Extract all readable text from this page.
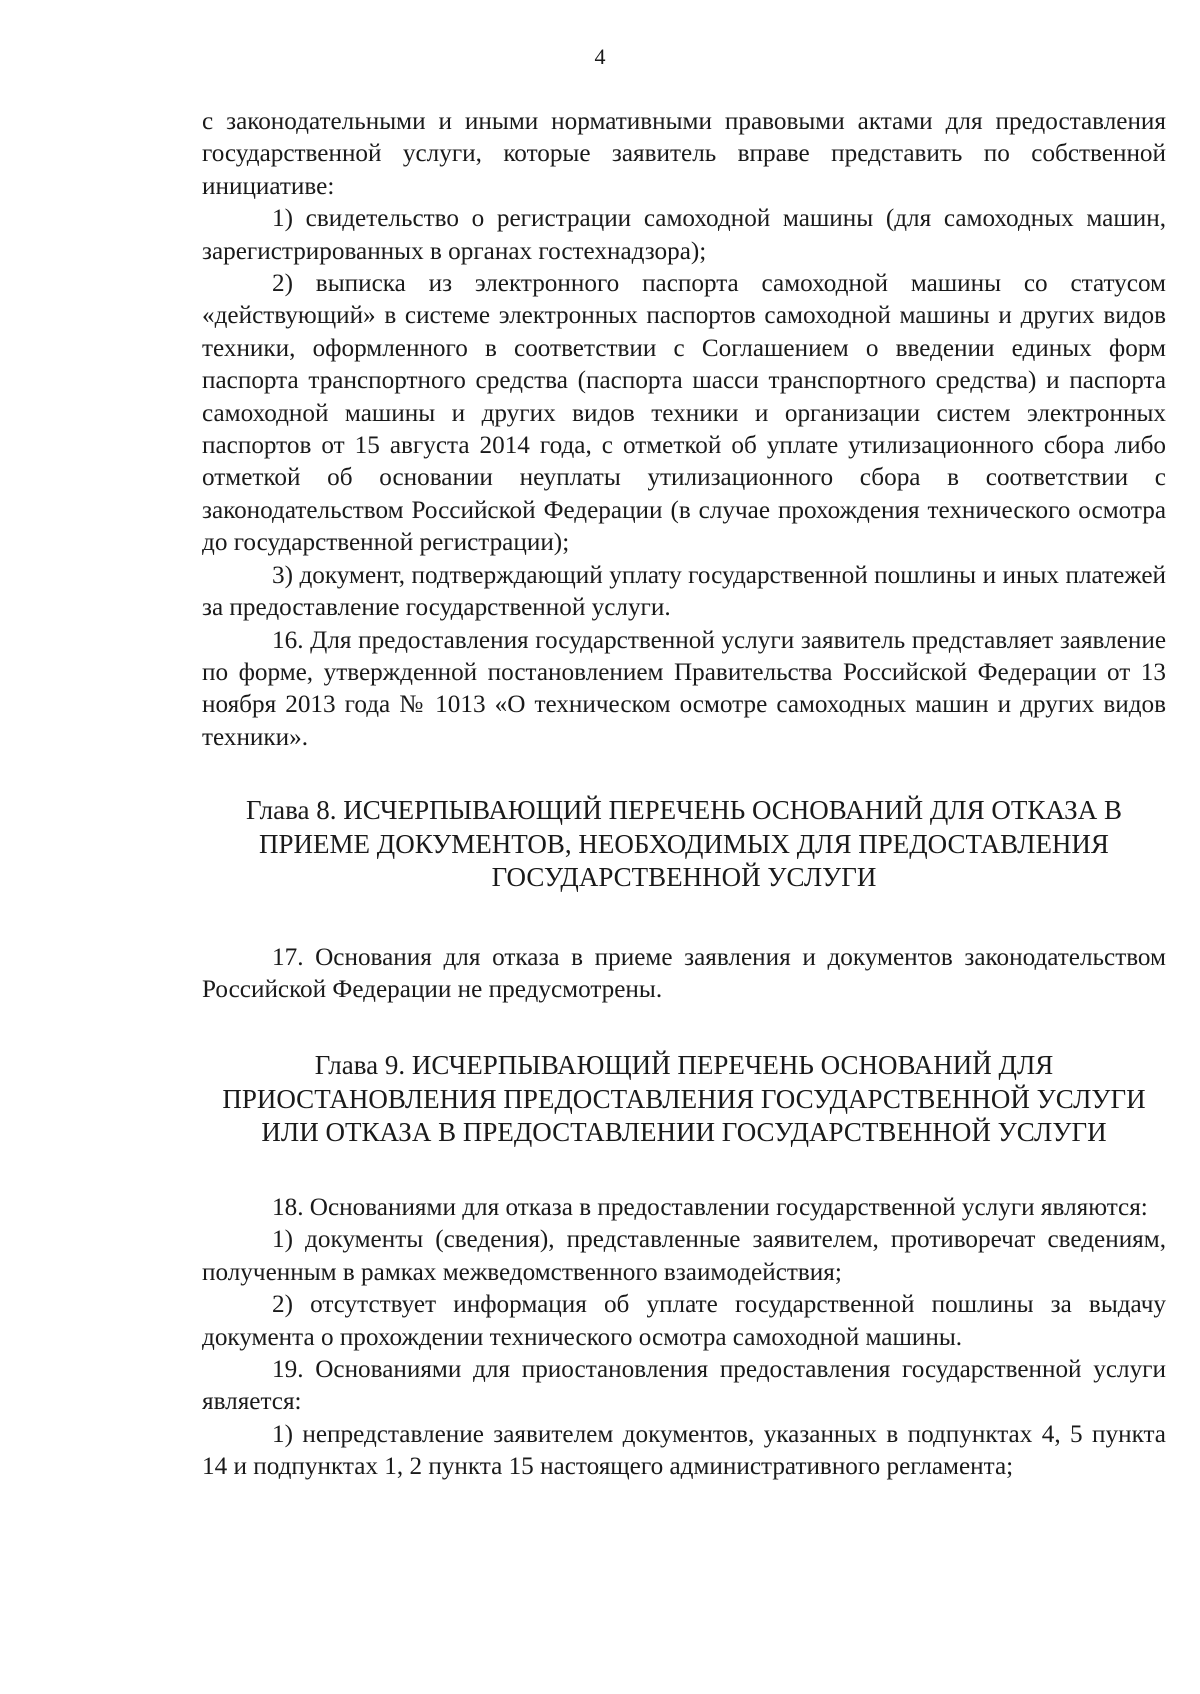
4

с законодательными и иными нормативными правовыми актами для предоставления государственной услуги, которые заявитель вправе представить по собственной инициативе:

1) свидетельство о регистрации самоходной машины (для самоходных машин, зарегистрированных в органах гостехнадзора);

2) выписка из электронного паспорта самоходной машины со статусом «действующий» в системе электронных паспортов самоходной машины и других видов техники, оформленного в соответствии с Соглашением о введении единых форм паспорта транспортного средства (паспорта шасси транспортного средства) и паспорта самоходной машины и других видов техники и организации систем электронных паспортов от 15 августа 2014 года, с отметкой об уплате утилизационного сбора либо отметкой об основании неуплаты утилизационного сбора в соответствии с законодательством Российской Федерации (в случае прохождения технического осмотра до государственной регистрации);

3) документ, подтверждающий уплату государственной пошлины и иных платежей за предоставление государственной услуги.

16. Для предоставления государственной услуги заявитель представляет заявление по форме, утвержденной постановлением Правительства Российской Федерации от 13 ноября 2013 года № 1013 «О техническом осмотре самоходных машин и других видов техники».

Глава 8. ИСЧЕРПЫВАЮЩИЙ ПЕРЕЧЕНЬ ОСНОВАНИЙ ДЛЯ ОТКАЗА В ПРИЕМЕ ДОКУМЕНТОВ, НЕОБХОДИМЫХ ДЛЯ ПРЕДОСТАВЛЕНИЯ ГОСУДАРСТВЕННОЙ УСЛУГИ

17. Основания для отказа в приеме заявления и документов законодательством Российской Федерации не предусмотрены.

Глава 9. ИСЧЕРПЫВАЮЩИЙ ПЕРЕЧЕНЬ ОСНОВАНИЙ ДЛЯ ПРИОСТАНОВЛЕНИЯ ПРЕДОСТАВЛЕНИЯ ГОСУДАРСТВЕННОЙ УСЛУГИ ИЛИ ОТКАЗА В ПРЕДОСТАВЛЕНИИ ГОСУДАРСТВЕННОЙ УСЛУГИ

18. Основаниями для отказа в предоставлении государственной услуги являются:

1) документы (сведения), представленные заявителем, противоречат сведениям, полученным в рамках межведомственного взаимодействия;

2) отсутствует информация об уплате государственной пошлины за выдачу документа о прохождении технического осмотра самоходной машины.

19. Основаниями для приостановления предоставления государственной услуги является:

1) непредставление заявителем документов, указанных в подпунктах 4, 5 пункта 14 и подпунктах 1, 2 пункта 15 настоящего административного регламента;
